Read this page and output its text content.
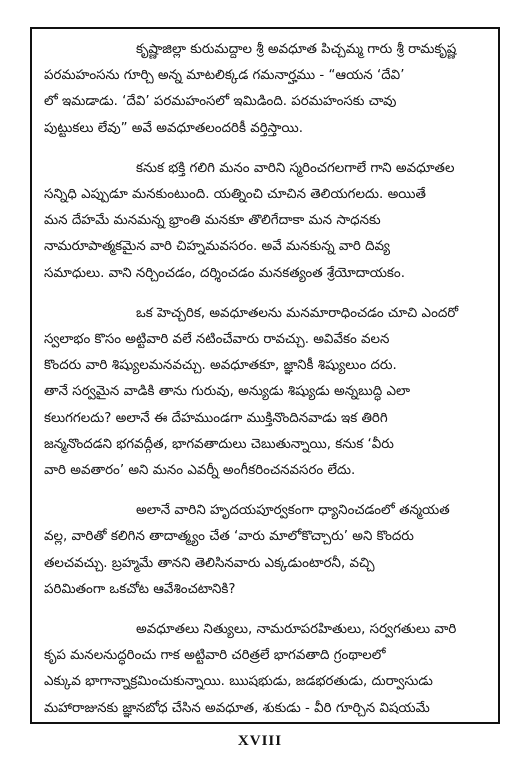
కృష్ణాజిల్లా కురుమద్దాల శ్రీ అవధూత పిచ్చమ్మ గారు శ్రీ రామకృష్ణ
పరమహంసను గూర్చి అన్న మాటలిక్కడ గమనార్హము - “ఆయన ‘దేవి’
లో ఇమడాడు. ‘దేవి’ పరమహంసలో ఇమిడింది. పరమహంసకు చావు
పుట్టుకలు లేవు” అవే అవధూతలందరికీ వర్తిస్తాయి.

కనుక భక్తి గలిగి మనం వారిని స్మరించగలగాలే గాని అవధూతల
సన్నిధి ఎప్పుడూ మనకుంటుంది. యత్నించి చూచిన తెలియగలదు. అయితే
మన దేహమే మనమన్న భ్రాంతి మనకూ తొలిగేదాకా మన సాధనకు
నామరూపాత్మకమైన వారి చిహ్నమవసరం. అవే మనకున్న వారి దివ్య
సమాధులు. వాని నర్చించడం, దర్శించడం మనకత్యంత శ్రేయోదాయకం.

ఒక హెచ్చరిక, అవధూతలను మనమారాధించడం చూచి ఎందరో
స్వలాభం కొసం అట్టివారి వలే నటించేవారు రావచ్చు. అవివేకం వలన
కొందరు వారి శిష్యులమనవచ్చు. అవధూతకూ, జ్ఞానికీ శిష్యులుం దరు.
తానే సర్వమైన వాడికి తాను గురువు, అన్యుడు శిష్యుడు అన్నబుద్ధి ఎలా
కలుగగలదు? అలానే ఈ దేహముండగా ముక్తినొందినవాడు ఇక తిరిగి
జన్మనొందడని భగవద్గీత, భాగవతాదులు చెబుతున్నాయి, కనుక ‘వీరు
వారి అవతారం’ అని మనం ఎవర్నీ అంగీకరించనవసరం లేదు.

అలానే వారిని హృదయపూర్వకంగా ధ్యానించడంలో తన్మయత
వల్ల, వారితో కలిగిన తాదాత్మ్యం చేత ‘వారు మాలోకొచ్చారు’ అని కొందరు
తలచవచ్చు. బ్రహ్మమే తానని తెలిసినవారు ఎక్కడుంటారనీ, వచ్చి
పరిమితంగా ఒకచోట ఆవేశించటానికి?

అవధూతలు నిత్యులు, నామరూపరహితులు, సర్వగతులు వారి
కృప మనలనుద్ధరించు గాక అట్టివారి చరిత్రలే భాగవతాది గ్రంథాలలో
ఎక్కువ భాగాన్నాక్రమించుకున్నాయి. ఋషభుడు, జడభరతుడు, దుర్వాసుడు
మహారాజునకు జ్ఞానబోధ చేసిన అవధూత, శుకుడు - వీరి గూర్చిన విషయమే

XVIII
